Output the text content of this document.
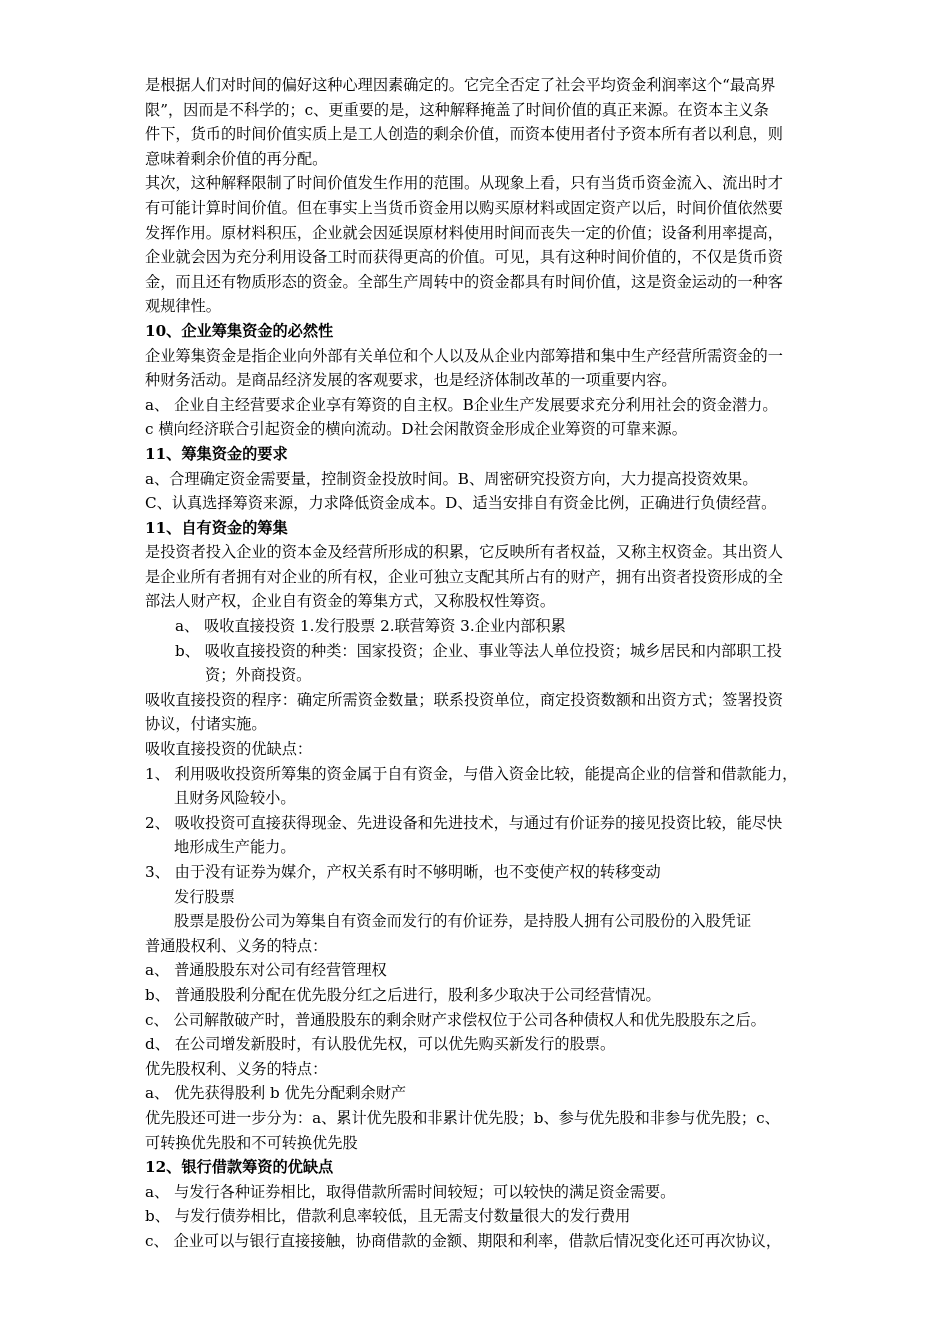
是根据人们对时间的偏好这种心理因素确定的。它完全否定了社会平均资金利润率这个“最高界
限”，因而是不科学的；c、更重要的是，这种解释掩盖了时间价值的真正来源。在资本主义条
件下，货币的时间价值实质上是工人创造的剩余价值，而资本使用者付予资本所有者以利息，则
意味着剩余价值的再分配。
其次，这种解释限制了时间价值发生作用的范围。从现象上看，只有当货币资金流入、流出时才
有可能计算时间价值。但在事实上当货币资金用以购买原材料或固定资产以后，时间价值依然要
发挥作用。原材料积压，企业就会因延误原材料使用时间而丧失一定的价值；设备利用率提高，
企业就会因为充分利用设备工时而获得更高的价值。可见，具有这种时间价值的，不仅是货币资
金，而且还有物质形态的资金。全部生产周转中的资金都具有时间价值，这是资金运动的一种客
观规律性。
10、企业筹集资金的必然性
企业筹集资金是指企业向外部有关单位和个人以及从企业内部筹措和集中生产经营所需资金的一
种财务活动。是商品经济发展的客观要求，也是经济体制改革的一项重要内容。
a、 企业自主经营要求企业享有筹资的自主权。B企业生产发展要求充分利用社会的资金潜力。
c 横向经济联合引起资金的横向流动。D社会闲散资金形成企业筹资的可靠来源。
11、筹集资金的要求
a、合理确定资金需要量，控制资金投放时间。B、周密研究投资方向，大力提高投资效果。
C、认真选择筹资来源，力求降低资金成本。D、适当安排自有资金比例，正确进行负债经营。
11、自有资金的筹集
是投资者投入企业的资本金及经营所形成的积累，它反映所有者权益，又称主权资金。其出资人
是企业所有者拥有对企业的所有权，企业可独立支配其所占有的财产，拥有出资者投资形成的全
部法人财产权，企业自有资金的筹集方式，又称股权性筹资。
a、 吸收直接投资 1.发行股票 2.联营筹资 3.企业内部积累
b、 吸收直接投资的种类：国家投资；企业、事业等法人单位投资；城乡居民和内部职工投
资；外商投资。
吸收直接投资的程序：确定所需资金数量；联系投资单位，商定投资数额和出资方式；签署投资
协议，付诸实施。
吸收直接投资的优缺点：
1、 利用吸收投资所筹集的资金属于自有资金，与借入资金比较，能提高企业的信誉和借款能力，
且财务风险较小。
2、 吸收投资可直接获得现金、先进设备和先进技术，与通过有价证券的接见投资比较，能尽快
地形成生产能力。
3、 由于没有证券为媒介，产权关系有时不够明晰，也不变使产权的转移变动
发行股票
股票是股份公司为筹集自有资金而发行的有价证券，是持股人拥有公司股份的入股凭证
普通股权利、义务的特点：
a、 普通股股东对公司有经营管理权
b、 普通股股利分配在优先股分红之后进行，股利多少取决于公司经营情况。
c、 公司解散破产时，普通股股东的剩余财产求偿权位于公司各种债权人和优先股股东之后。
d、 在公司增发新股时，有认股优先权，可以优先购买新发行的股票。
优先股权利、义务的特点：
a、 优先获得股利 b 优先分配剩余财产
优先股还可进一步分为：a、累计优先股和非累计优先股；b、参与优先股和非参与优先股；c、
可转换优先股和不可转换优先股
12、银行借款筹资的优缺点
a、 与发行各种证券相比，取得借款所需时间较短；可以较快的满足资金需要。
b、 与发行债券相比，借款利息率较低，且无需支付数量很大的发行费用
c、 企业可以与银行直接接触，协商借款的金额、期限和利率，借款后情况变化还可再次协议，
